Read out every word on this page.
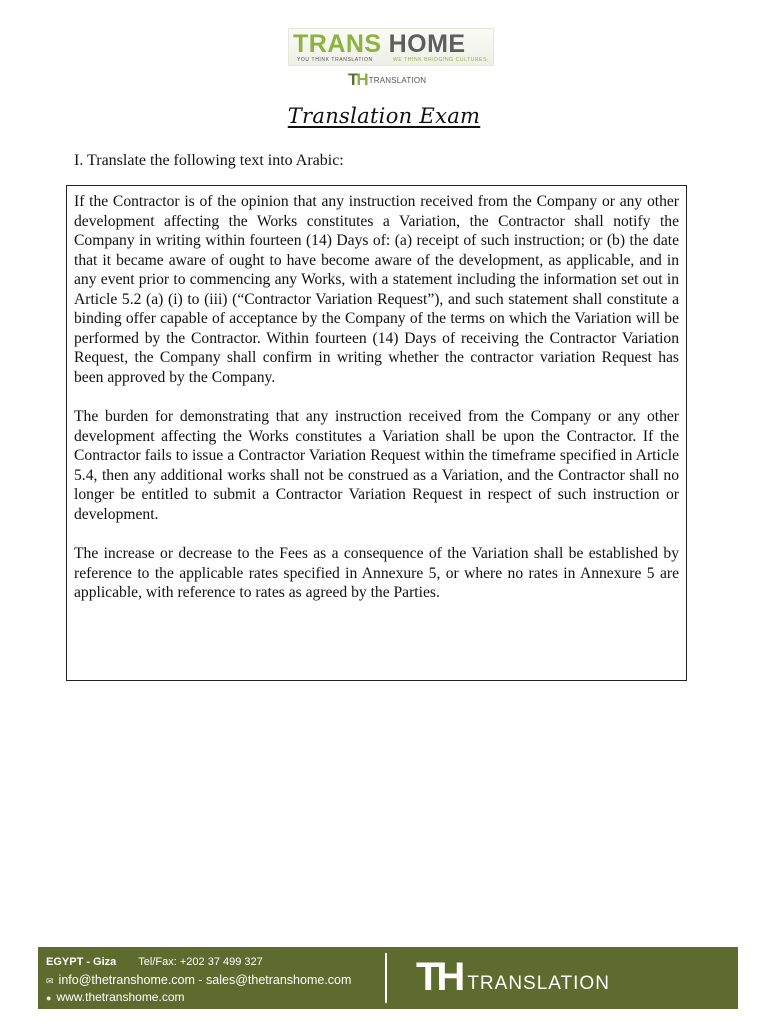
TRANS HOME
YOU THINK TRANSLATION	WE THINK BRIDGING CULTURES
TH TRANSLATION
Translation Exam
I. Translate the following text into Arabic:

If the Contractor is of the opinion that any instruction received from the Company or any other development affecting the Works constitutes a Variation, the Contractor shall notify the Company in writing within fourteen (14) Days of: (a) receipt of such instruction; or (b) the date that it became aware of ought to have become aware of the development, as applicable, and in any event prior to commencing any Works, with a statement including the information set out in Article 5.2 (a) (i) to (iii) (“Contractor Variation Request”), and such statement shall constitute a binding offer capable of acceptance by the Company of the terms on which the Variation will be performed by the Contractor. Within fourteen (14) Days of receiving the Contractor Variation Request, the Company shall confirm in writing whether the contractor variation Request has been approved by the Company.

The burden for demonstrating that any instruction received from the Company or any other development affecting the Works constitutes a Variation shall be upon the Contractor. If the Contractor fails to issue a Contractor Variation Request within the timeframe specified in Article 5.4, then any additional works shall not be construed as a Variation, and the Contractor shall no longer be entitled to submit a Contractor Variation Request in respect of such instruction or development.

The increase or decrease to the Fees as a consequence of the Variation shall be established by reference to the applicable rates specified in Annexure 5, or where no rates in Annexure 5 are applicable, with reference to rates as agreed by the Parties.

EGYPT - Giza Tel/Fax: +202 37 499 327
✉ info@thetranshome.com - sales@thetranshome.com
● www.thetranshome.com	TH TRANSLATION
